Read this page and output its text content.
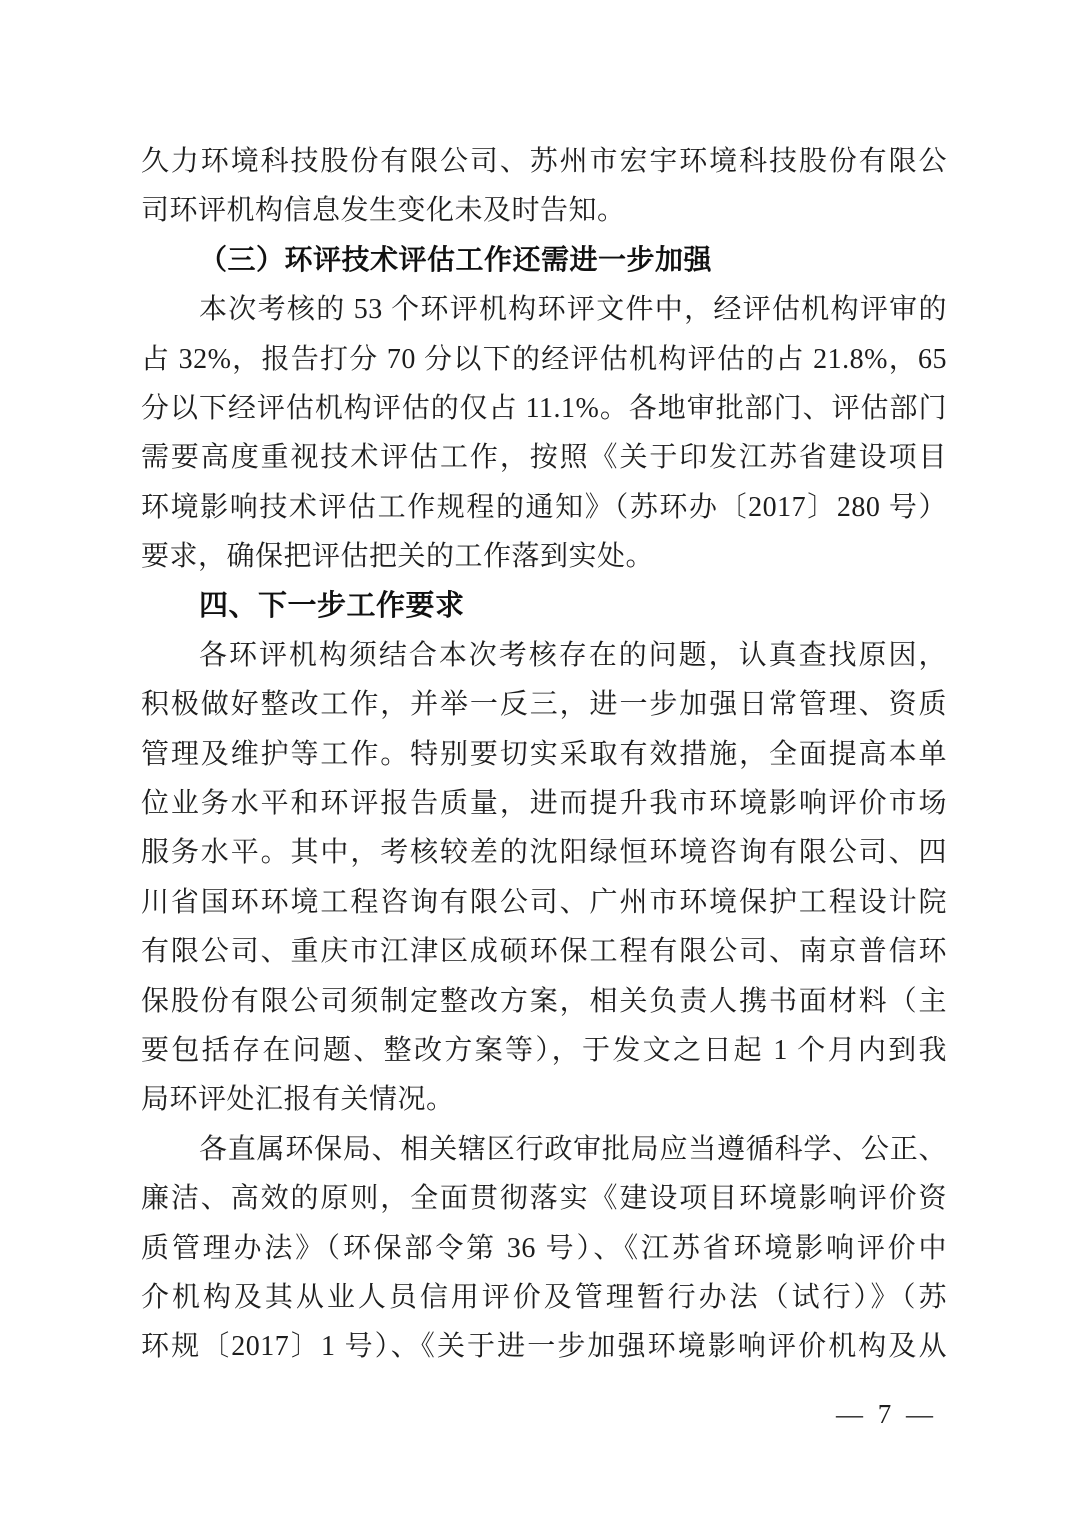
久力环境科技股份有限公司、苏州市宏宇环境科技股份有限公
司环评机构信息发生变化未及时告知。
（三）环评技术评估工作还需进一步加强
本次考核的 53 个环评机构环评文件中，经评估机构评审的
占 32%，报告打分 70 分以下的经评估机构评估的占 21.8%，65
分以下经评估机构评估的仅占 11.1%。各地审批部门、评估部门
需要高度重视技术评估工作，按照《关于印发江苏省建设项目
环境影响技术评估工作规程的通知》（苏环办〔2017〕280 号）
要求，确保把评估把关的工作落到实处。
四、下一步工作要求
各环评机构须结合本次考核存在的问题，认真查找原因，
积极做好整改工作，并举一反三，进一步加强日常管理、资质
管理及维护等工作。特别要切实采取有效措施，全面提高本单
位业务水平和环评报告质量，进而提升我市环境影响评价市场
服务水平。其中，考核较差的沈阳绿恒环境咨询有限公司、四
川省国环环境工程咨询有限公司、广州市环境保护工程设计院
有限公司、重庆市江津区成硕环保工程有限公司、南京普信环
保股份有限公司须制定整改方案，相关负责人携书面材料（主
要包括存在问题、整改方案等），于发文之日起 1 个月内到我
局环评处汇报有关情况。
各直属环保局、相关辖区行政审批局应当遵循科学、公正、
廉洁、高效的原则，全面贯彻落实《建设项目环境影响评价资
质管理办法》（环保部令第 36 号）、《江苏省环境影响评价中
介机构及其从业人员信用评价及管理暂行办法（试行）》（苏
环规〔2017〕1 号）、《关于进一步加强环境影响评价机构及从
— 7 —
